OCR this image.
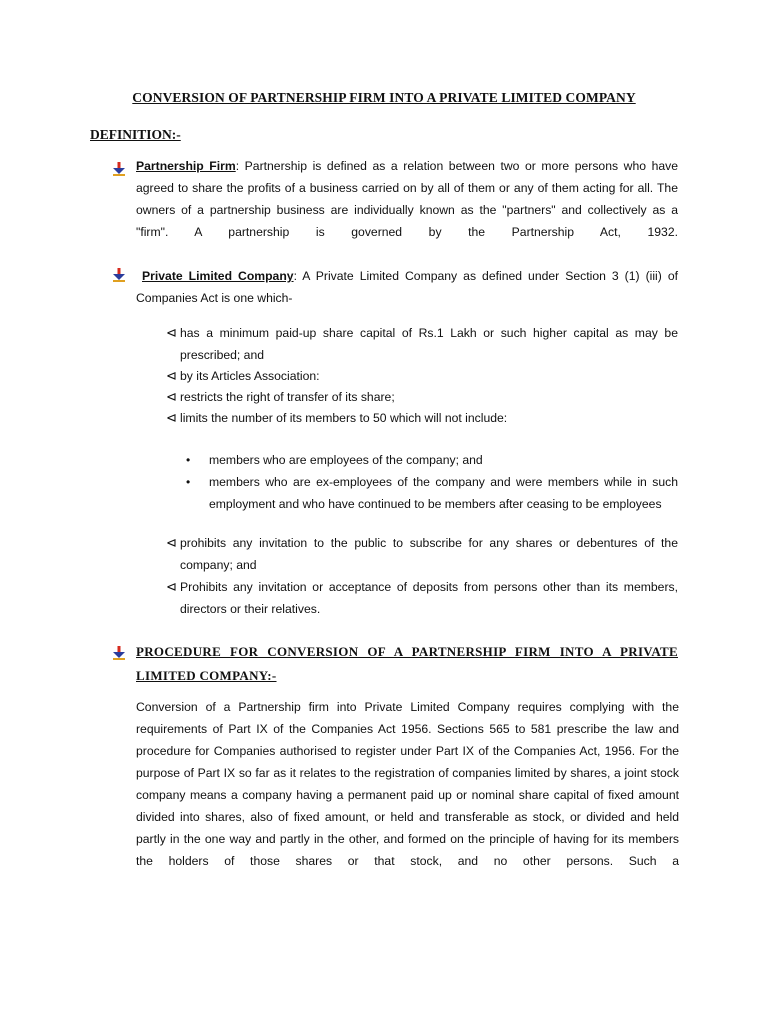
CONVERSION OF PARTNERSHIP FIRM INTO A PRIVATE LIMITED COMPANY
DEFINITION:-
Partnership Firm: Partnership is defined as a relation between two or more persons who have agreed to share the profits of a business carried on by all of them or any of them acting for all. The owners of a partnership business are individually known as the "partners" and collectively as a "firm". A partnership is governed by the Partnership Act, 1932.
Private Limited Company: A Private Limited Company as defined under Section 3 (1) (iii) of Companies Act is one which-
⊲ has a minimum paid-up share capital of Rs.1 Lakh or such higher capital as may be prescribed; and
⊲ by its Articles Association:
⊲ restricts the right of transfer of its share;
⊲ limits the number of its members to 50 which will not include:
• members who are employees of the company; and
• members who are ex-employees of the company and were members while in such employment and who have continued to be members after ceasing to be employees
⊲ prohibits any invitation to the public to subscribe for any shares or debentures of the company; and
⊲ Prohibits any invitation or acceptance of deposits from persons other than its members, directors or their relatives.
PROCEDURE FOR CONVERSION OF A PARTNERSHIP FIRM INTO A PRIVATE LIMITED COMPANY:-
Conversion of a Partnership firm into Private Limited Company requires complying with the requirements of Part IX of the Companies Act 1956. Sections 565 to 581 prescribe the law and procedure for Companies authorised to register under Part IX of the Companies Act, 1956. For the purpose of Part IX so far as it relates to the registration of companies limited by shares, a joint stock company means a company having a permanent paid up or nominal share capital of fixed amount divided into shares, also of fixed amount, or held and transferable as stock, or divided and held partly in the one way and partly in the other, and formed on the principle of having for its members the holders of those shares or that stock, and no other persons. Such a
